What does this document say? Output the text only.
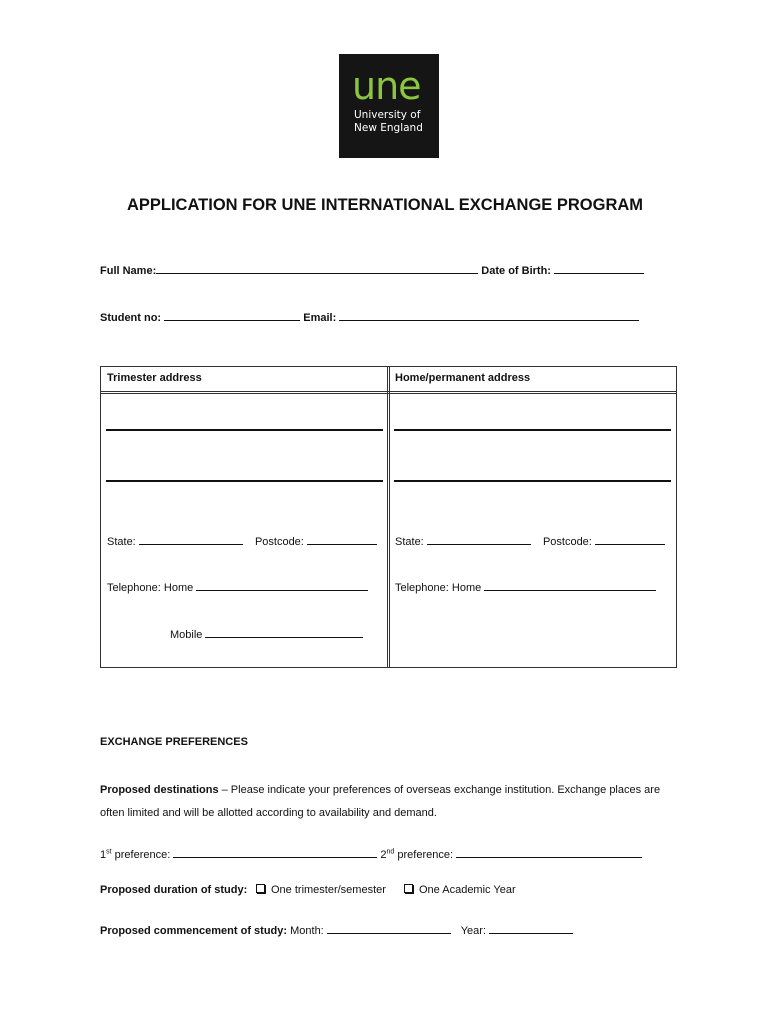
une
University of
New England
APPLICATION FOR UNE INTERNATIONAL EXCHANGE PROGRAM
Full Name:	Date of Birth:
Student no:	Email:
Trimester address	Home/permanent address
State:	Postcode:	State:	Postcode:
Telephone: Home	Telephone: Home
Mobile
EXCHANGE PREFERENCES
Proposed destinations – Please indicate your preferences of overseas exchange institution. Exchange places are
often limited and will be allotted according to availability and demand.
1st preference:	2nd preference:
Proposed duration of study:	One trimester/semester	One Academic Year
Proposed commencement of study: Month:	Year:
